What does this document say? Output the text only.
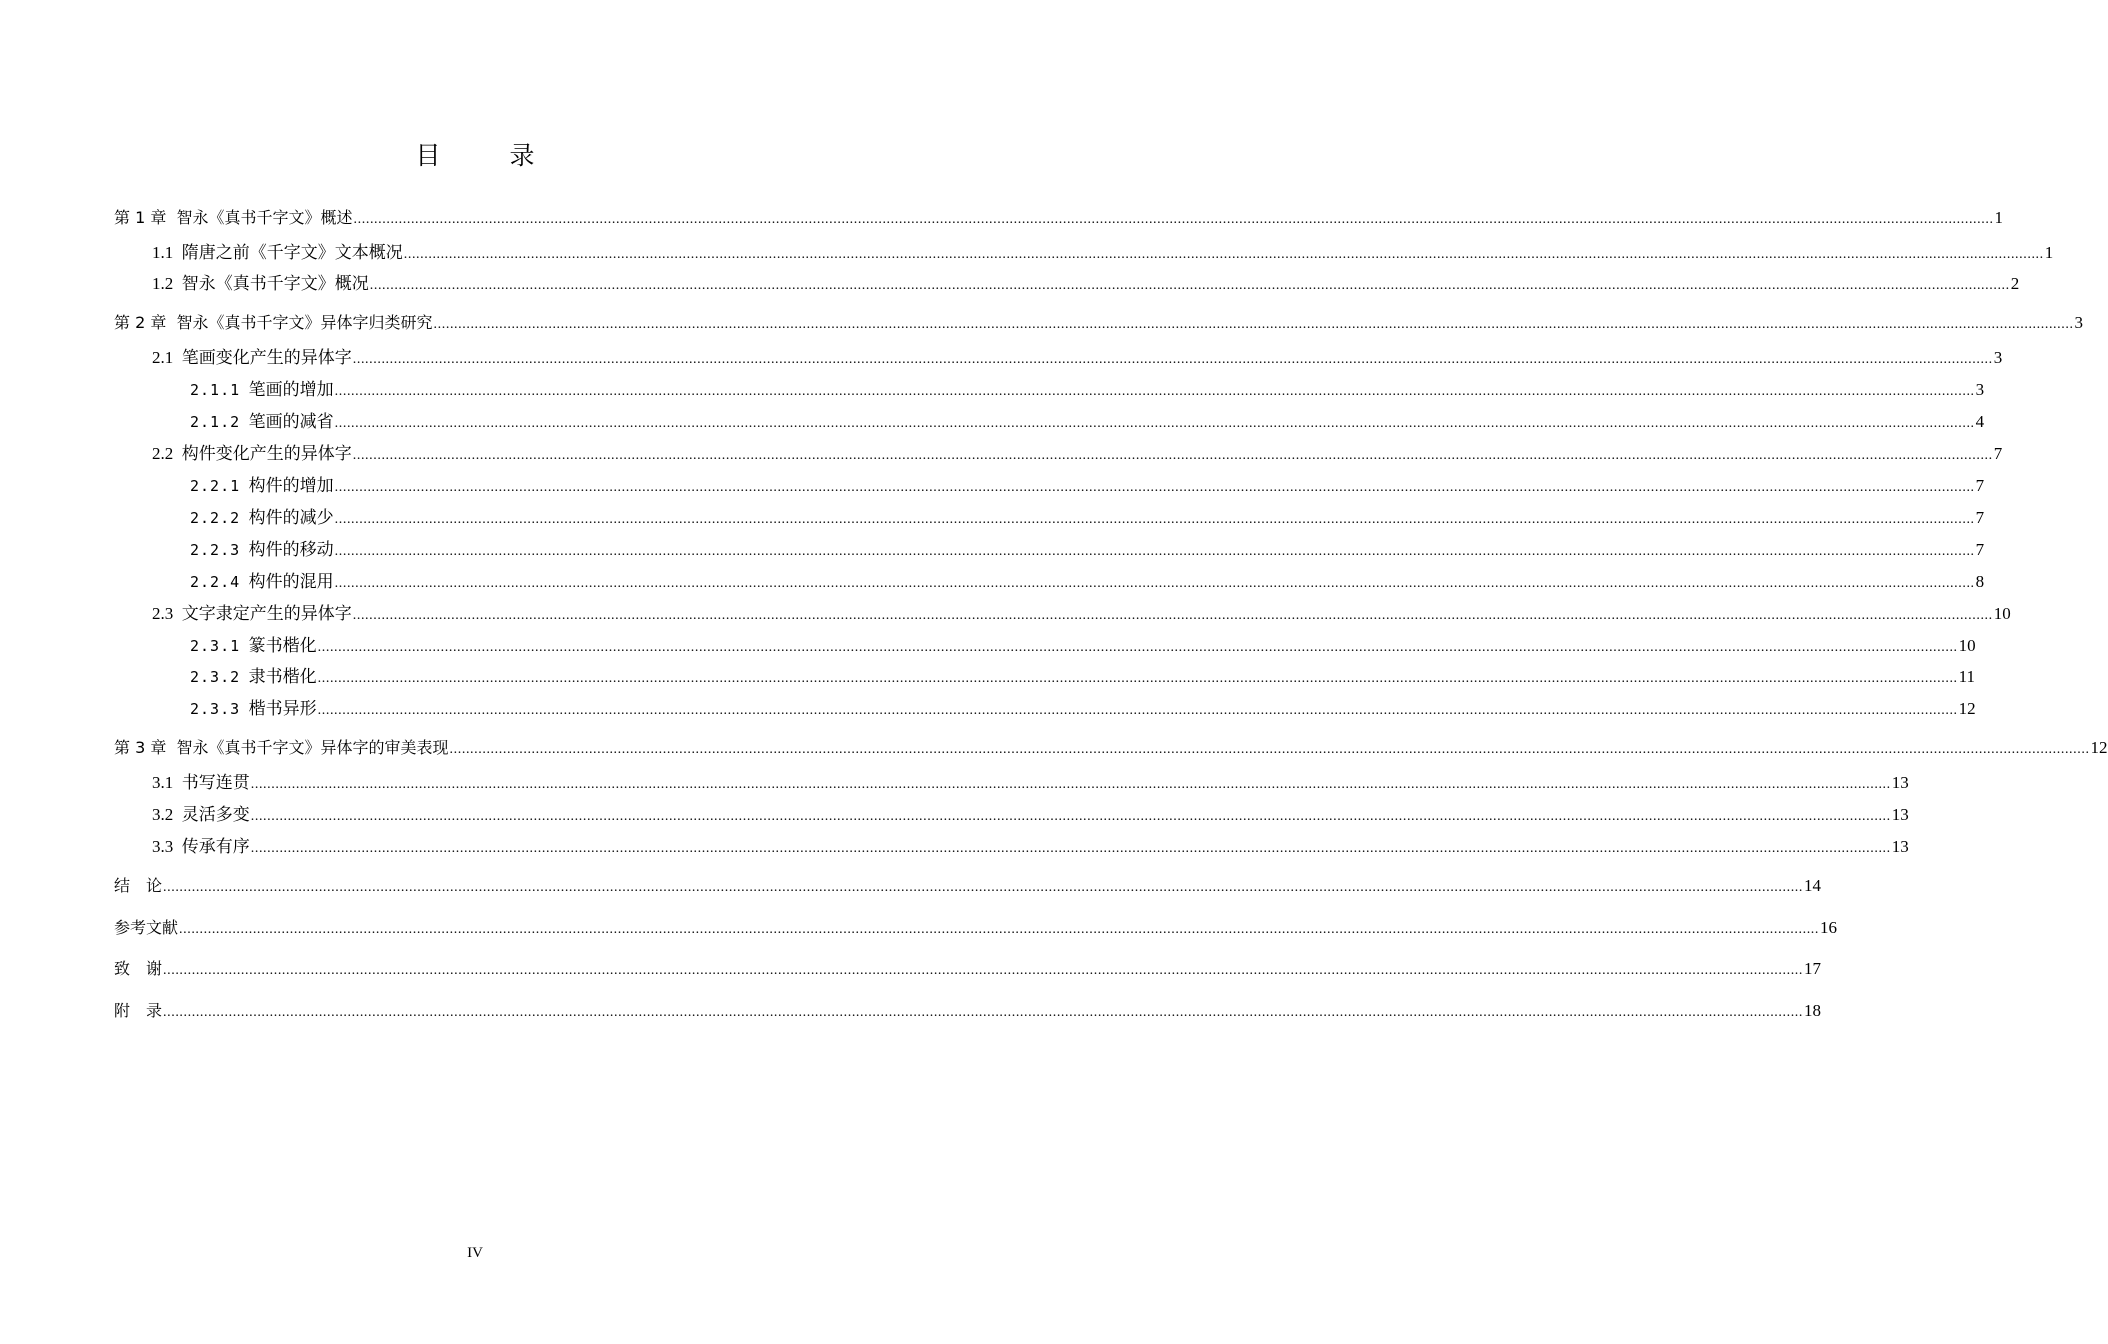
目　录
第 1 章 智永《真书千字文》概述 ................................................................................................................................................................................................................................................................................................................................................................................................................ 1
1.1 隋唐之前《千字文》文本概况 ................................................................................................................................................................................................................................................................................................................................................................................................................ 1
1.2 智永《真书千字文》概况 ................................................................................................................................................................................................................................................................................................................................................................................................................ 2
第 2 章 智永《真书千字文》异体字归类研究 ................................................................................................................................................................................................................................................................................................................................................................................................................ 3
2.1 笔画变化产生的异体字 ................................................................................................................................................................................................................................................................................................................................................................................................................ 3
2.1.1 笔画的增加 ................................................................................................................................................................................................................................................................................................................................................................................................................ 3
2.1.2 笔画的减省 ................................................................................................................................................................................................................................................................................................................................................................................................................ 4
2.2 构件变化产生的异体字 ................................................................................................................................................................................................................................................................................................................................................................................................................ 7
2.2.1 构件的增加 ................................................................................................................................................................................................................................................................................................................................................................................................................ 7
2.2.2 构件的减少 ................................................................................................................................................................................................................................................................................................................................................................................................................ 7
2.2.3 构件的移动 ................................................................................................................................................................................................................................................................................................................................................................................................................ 7
2.2.4 构件的混用 ................................................................................................................................................................................................................................................................................................................................................................................................................ 8
2.3 文字隶定产生的异体字 ................................................................................................................................................................................................................................................................................................................................................................................................................ 10
2.3.1 篆书楷化 ................................................................................................................................................................................................................................................................................................................................................................................................................ 10
2.3.2 隶书楷化 ................................................................................................................................................................................................................................................................................................................................................................................................................ 11
2.3.3 楷书异形 ................................................................................................................................................................................................................................................................................................................................................................................................................ 12
第 3 章 智永《真书千字文》异体字的审美表现 ................................................................................................................................................................................................................................................................................................................................................................................................................ 12
3.1 书写连贯 ................................................................................................................................................................................................................................................................................................................................................................................................................ 13
3.2 灵活多变 ................................................................................................................................................................................................................................................................................................................................................................................................................ 13
3.3 传承有序 ................................................................................................................................................................................................................................................................................................................................................................................................................ 13
结　论 ................................................................................................................................................................................................................................................................................................................................................................................................................ 14
参考文献 ................................................................................................................................................................................................................................................................................................................................................................................................................ 16
致　谢 ................................................................................................................................................................................................................................................................................................................................................................................................................ 17
附　录 ................................................................................................................................................................................................................................................................................................................................................................................................................ 18
IV
